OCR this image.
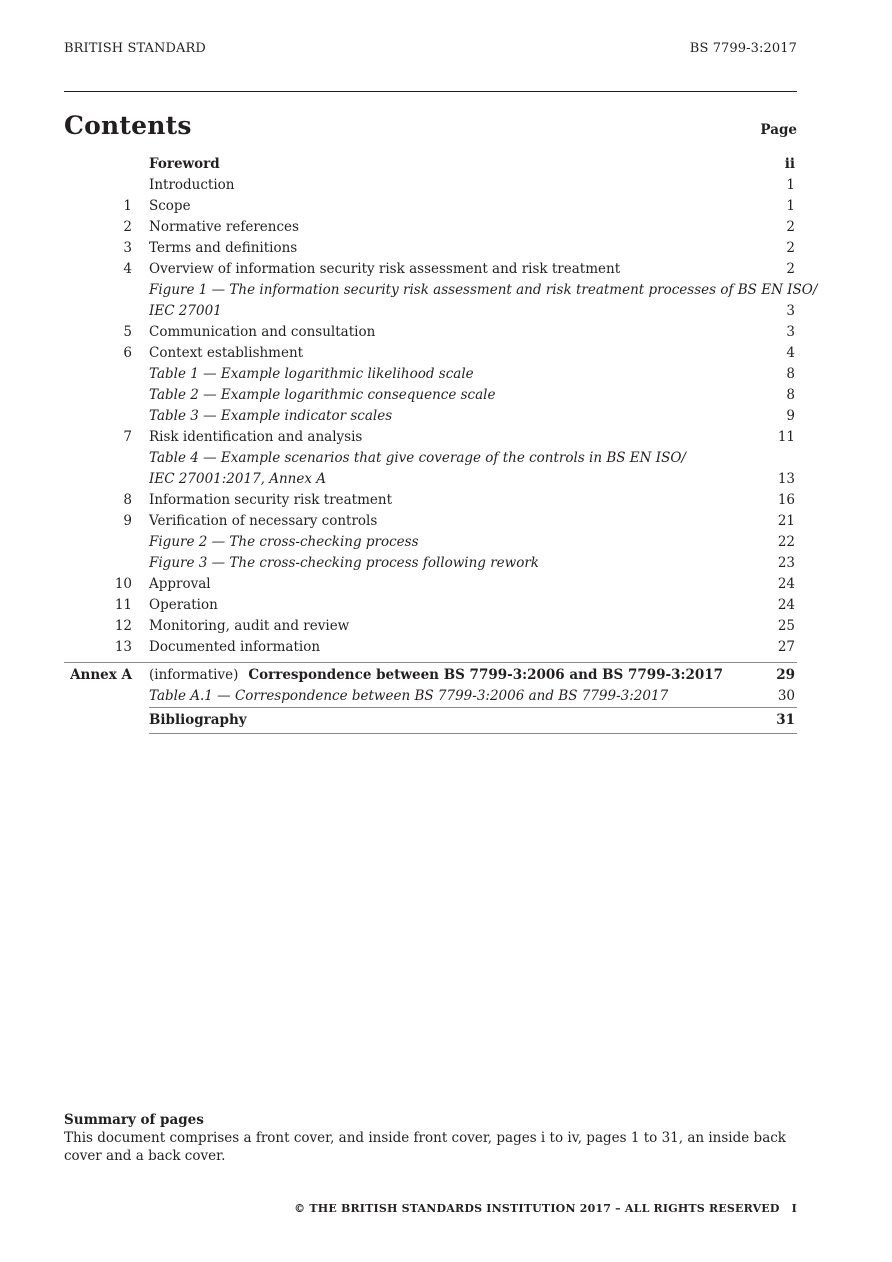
BRITISH STANDARD	BS 7799-3:2017
Contents	Page
Foreword	ii
Introduction	1
1 Scope	1
2 Normative references	2
3 Terms and definitions	2
4 Overview of information security risk assessment and risk treatment	2
Figure 1 — The information security risk assessment and risk treatment processes of BS EN ISO/
IEC 27001	3
5 Communication and consultation	3
6 Context establishment	4
Table 1 — Example logarithmic likelihood scale	8
Table 2 — Example logarithmic consequence scale	8
Table 3 — Example indicator scales	9
7 Risk identification and analysis	11
Table 4 — Example scenarios that give coverage of the controls in BS EN ISO/
IEC 27001:2017, Annex A	13
8 Information security risk treatment	16
9 Verification of necessary controls	21
Figure 2 — The cross-checking process	22
Figure 3 — The cross-checking process following rework	23
10 Approval	24
11 Operation	24
12 Monitoring, audit and review	25
13 Documented information	27
Annex A (informative) Correspondence between BS 7799-3:2006 and BS 7799-3:2017	29
Table A.1 — Correspondence between BS 7799-3:2006 and BS 7799-3:2017	30
Bibliography	31
Summary of pages
This document comprises a front cover, and inside front cover, pages i to iv, pages 1 to 31, an inside back cover and a back cover.
© THE BRITISH STANDARDS INSTITUTION 2017 – ALL RIGHTS RESERVED I
